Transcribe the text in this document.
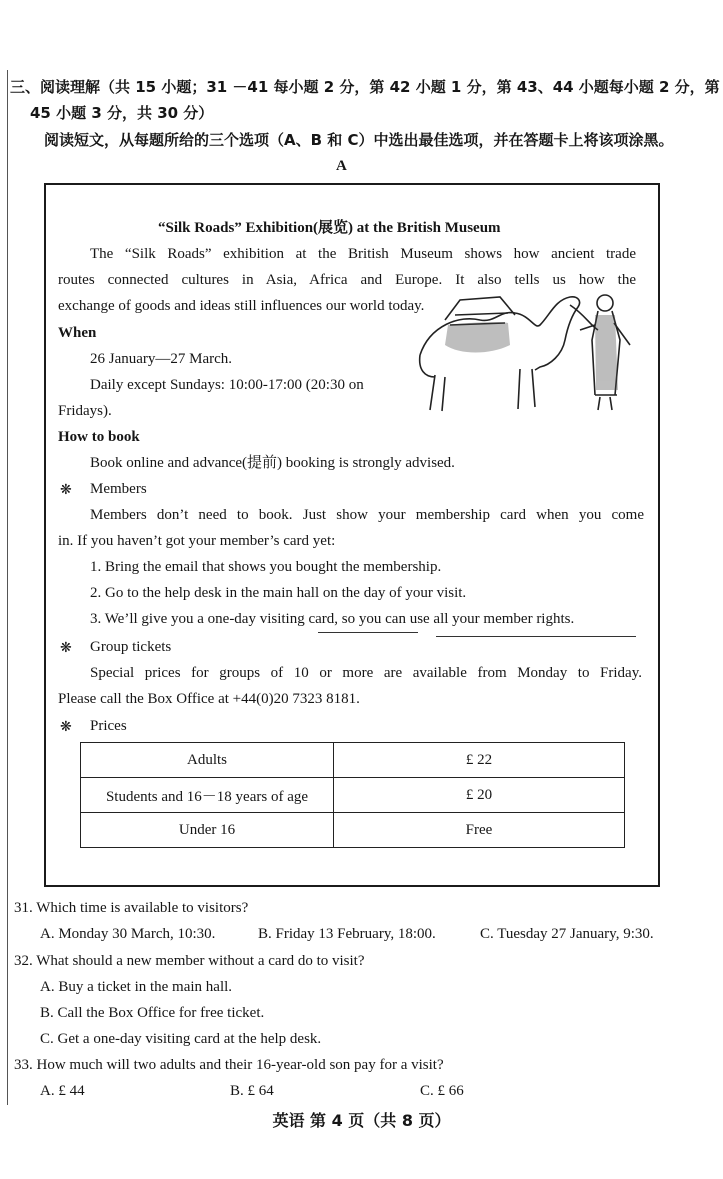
三、阅读理解（共 15 小题；31 －41 每小题 2 分，第 42 小题 1 分，第 43、44 小题每小题 2 分，第
45 小题 3 分，共 30 分）
阅读短文，从每题所给的三个选项（A、B 和 C）中选出最佳选项，并在答题卡上将该项涂黑。
A
“Silk Roads” Exhibition(展览) at the British Museum
The “Silk Roads” exhibition at the British Museum shows how ancient trade
routes connected cultures in Asia, Africa and Europe. It also tells us how the
exchange of goods and ideas still influences our world today.
When
26 January—27 March.
Daily except Sundays: 10:00-17:00 (20:30 on
Fridays).
How to book
Book online and advance(提前) booking is strongly advised.
❋ Members
Members don’t need to book. Just show your membership card when you come
in. If you haven’t got your member’s card yet:
1. Bring the email that shows you bought the membership.
2. Go to the help desk in the main hall on the day of your visit.
3. We’ll give you a one-day visiting card, so you can use all your member rights.
❋ Group tickets
Special prices for groups of 10 or more are available from Monday to Friday.
Please call the Box Office at +44(0)20 7323 8181.
❋ Prices
Adults	£ 22
Students and 16－18 years of age	£ 20
Under 16	Free
31. Which time is available to visitors?
A. Monday 30 March, 10:30.	B. Friday 13 February, 18:00.	C. Tuesday 27 January, 9:30.
32. What should a new member without a card do to visit?
A. Buy a ticket in the main hall.
B. Call the Box Office for free ticket.
C. Get a one-day visiting card at the help desk.
33. How much will two adults and their 16-year-old son pay for a visit?
A. £ 44	B. £ 64	C. £ 66
英语 第 4 页（共 8 页）
